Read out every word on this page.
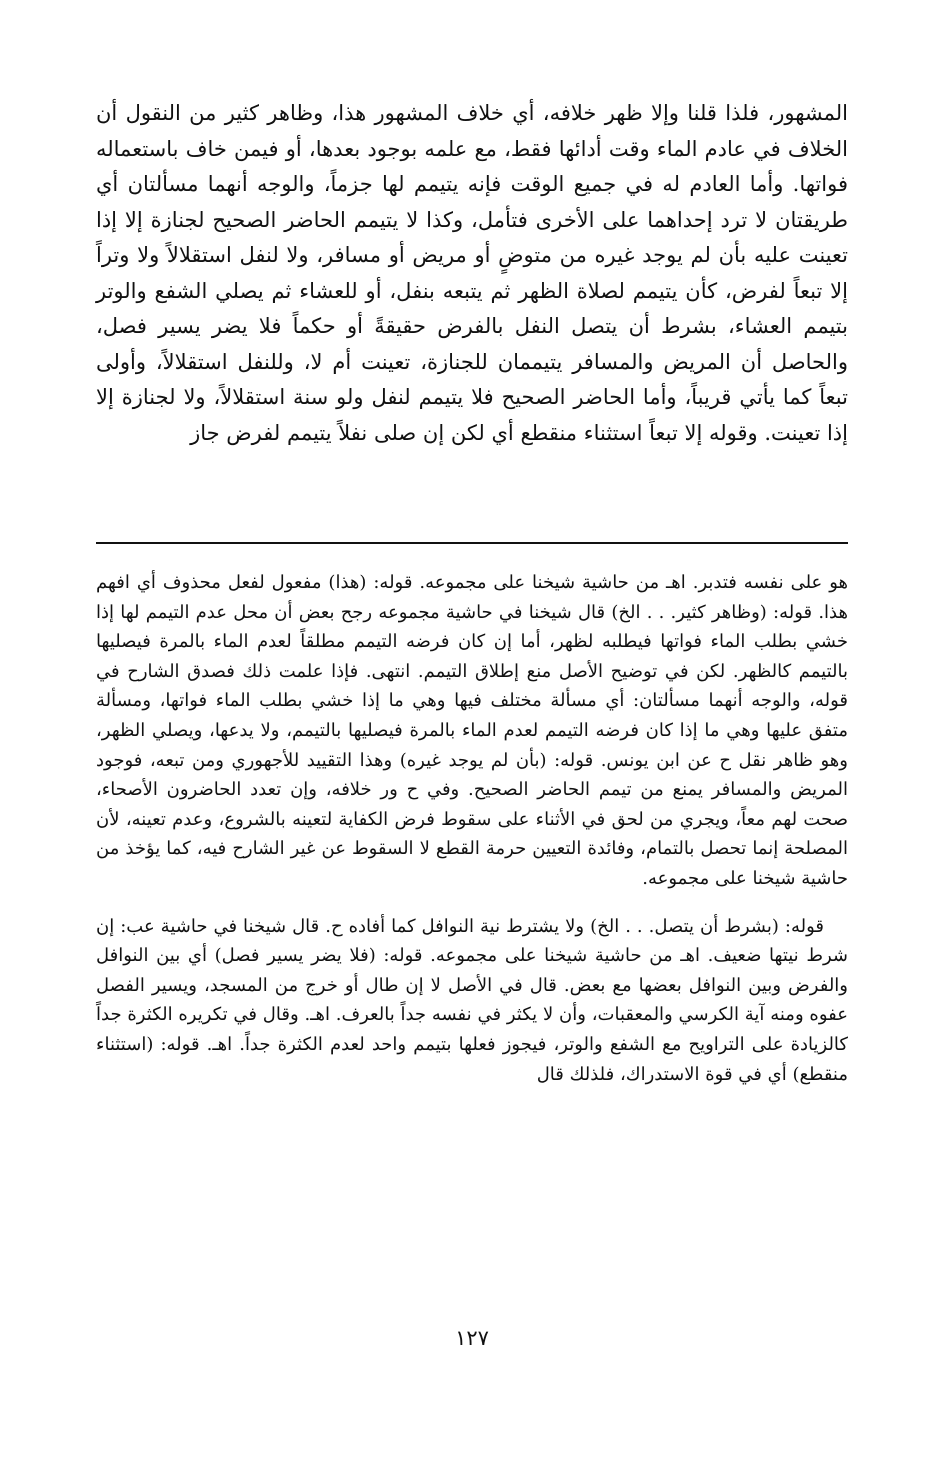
المشهور، فلذا قلنا وإلا ظهر خلافه، أي خلاف المشهور هذا، وظاهر كثير من النقول أن الخلاف في عادم الماء وقت أدائها فقط، مع علمه بوجود بعدها، أو فيمن خاف باستعماله فواتها. وأما العادم له في جميع الوقت فإنه يتيمم لها جزماً، والوجه أنهما مسألتان أي طريقتان لا ترد إحداهما على الأخرى فتأمل، وكذا لا يتيمم الحاضر الصحيح لجنازة إلا إذا تعينت عليه بأن لم يوجد غيره من متوضٍ أو مريض أو مسافر، ولا لنفل استقلالاً ولا وتراً إلا تبعاً لفرض، كأن يتيمم لصلاة الظهر ثم يتبعه بنفل، أو للعشاء ثم يصلي الشفع والوتر بتيمم العشاء، بشرط أن يتصل النفل بالفرض حقيقةً أو حكماً فلا يضر يسير فصل، والحاصل أن المريض والمسافر يتيممان للجنازة، تعينت أم لا، وللنفل استقلالاً، وأولى تبعاً كما يأتي قريباً، وأما الحاضر الصحيح فلا يتيمم لنفل ولو سنة استقلالاً، ولا لجنازة إلا إذا تعينت. وقوله إلا تبعاً استثناء منقطع أي لكن إن صلى نفلاً يتيمم لفرض جاز

هو على نفسه فتدبر. اهـ من حاشية شيخنا على مجموعه. قوله: (هذا) مفعول لفعل محذوف أي افهم هذا. قوله: (وظاهر كثير. . . الخ) قال شيخنا في حاشية مجموعه رجح بعض أن محل عدم التيمم لها إذا خشي بطلب الماء فواتها فيطلبه لظهر، أما إن كان فرضه التيمم مطلقاً لعدم الماء بالمرة فيصليها بالتيمم كالظهر. لكن في توضيح الأصل منع إطلاق التيمم. انتهى. فإذا علمت ذلك فصدق الشارح في قوله، والوجه أنهما مسألتان: أي مسألة مختلف فيها وهي ما إذا خشي بطلب الماء فواتها، ومسألة متفق عليها وهي ما إذا كان فرضه التيمم لعدم الماء بالمرة فيصليها بالتيمم، ولا يدعها، ويصلي الظهر، وهو ظاهر نقل ح عن ابن يونس. قوله: (بأن لم يوجد غيره) وهذا التقييد للأجهوري ومن تبعه، فوجود المريض والمسافر يمنع من تيمم الحاضر الصحيح. وفي ح ور خلافه، وإن تعدد الحاضرون الأصحاء، صحت لهم معاً، ويجري من لحق في الأثناء على سقوط فرض الكفاية لتعينه بالشروع، وعدم تعينه، لأن المصلحة إنما تحصل بالتمام، وفائدة التعيين حرمة القطع لا السقوط عن غير الشارح فيه، كما يؤخذ من حاشية شيخنا على مجموعه.

قوله: (بشرط أن يتصل. . . الخ) ولا يشترط نية النوافل كما أفاده ح. قال شيخنا في حاشية عب: إن شرط نيتها ضعيف. اهـ من حاشية شيخنا على مجموعه. قوله: (فلا يضر يسير فصل) أي بين النوافل والفرض وبين النوافل بعضها مع بعض. قال في الأصل لا إن طال أو خرج من المسجد، ويسير الفصل عفوه ومنه آية الكرسي والمعقبات، وأن لا يكثر في نفسه جداً بالعرف. اهـ. وقال في تكريره الكثرة جداً كالزيادة على التراويح مع الشفع والوتر، فيجوز فعلها بتيمم واحد لعدم الكثرة جداً. اهـ. قوله: (استثناء منقطع) أي في قوة الاستدراك، فلذلك قال

١٢٧
